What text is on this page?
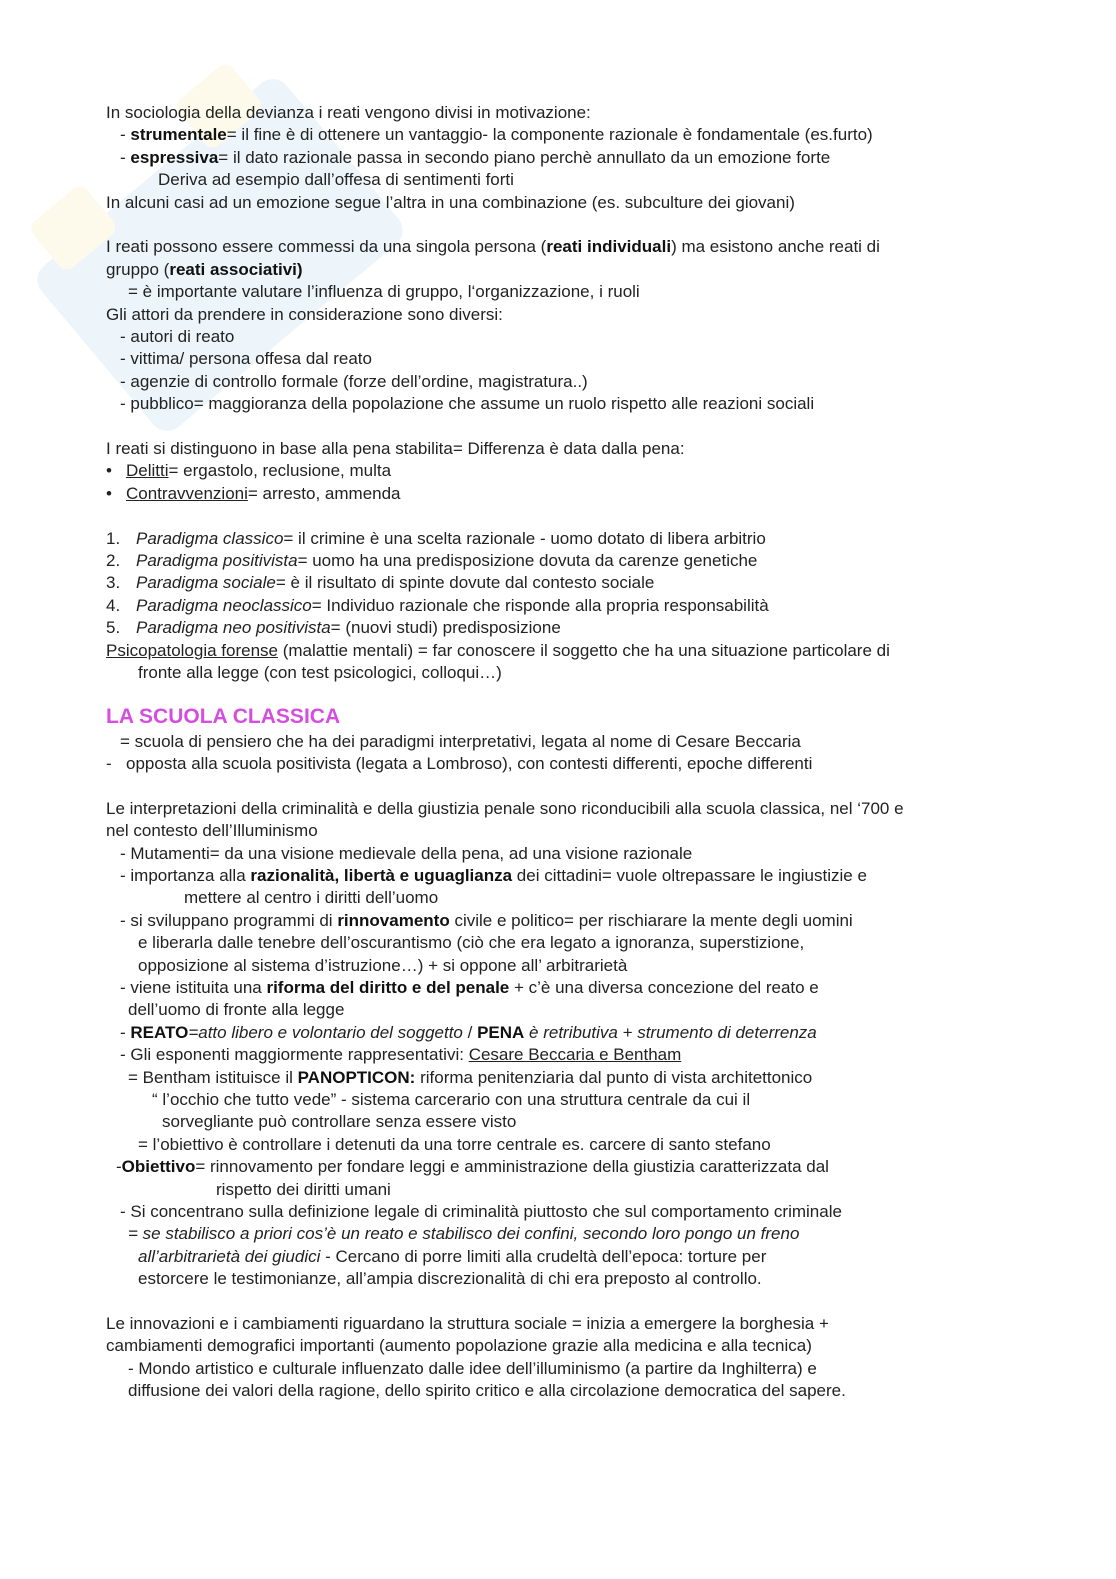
In sociologia della devianza i reati vengono divisi in motivazione:
- strumentale= il fine è di ottenere un vantaggio- la componente razionale è fondamentale (es.furto)
- espressiva= il dato razionale passa in secondo piano perchè annullato da un emozione forte
Deriva ad esempio dall’offesa di sentimenti forti
In alcuni casi ad un emozione segue l’altra in una combinazione (es. subculture dei giovani)
I reati possono essere commessi da una singola persona (reati individuali) ma esistono anche reati di
gruppo (reati associativi)
= è importante valutare l’influenza di gruppo, l‘organizzazione, i ruoli
Gli attori da prendere in considerazione sono diversi:
- autori di reato
- vittima/ persona offesa dal reato
- agenzie di controllo formale (forze dell’ordine, magistratura..)
- pubblico= maggioranza della popolazione che assume un ruolo rispetto alle reazioni sociali
I reati si distinguono in base alla pena stabilita= Differenza è data dalla pena:
• Delitti= ergastolo, reclusione, multa
• Contravvenzioni= arresto, ammenda
1. Paradigma classico= il crimine è una scelta razionale - uomo dotato di libera arbitrio
2. Paradigma positivista= uomo ha una predisposizione dovuta da carenze genetiche
3. Paradigma sociale= è il risultato di spinte dovute dal contesto sociale
4. Paradigma neoclassico= Individuo razionale che risponde alla propria responsabilità
5. Paradigma neo positivista= (nuovi studi) predisposizione
Psicopatologia forense (malattie mentali) = far conoscere il soggetto che ha una situazione particolare di
fronte alla legge (con test psicologici, colloqui…)
LA SCUOLA CLASSICA
= scuola di pensiero che ha dei paradigmi interpretativi, legata al nome di Cesare Beccaria
- opposta alla scuola positivista (legata a Lombroso), con contesti differenti, epoche differenti
Le interpretazioni della criminalità e della giustizia penale sono riconducibili alla scuola classica, nel ‘700 e
nel contesto dell’Illuminismo
- Mutamenti= da una visione medievale della pena, ad una visione razionale
- importanza alla razionalità, libertà e uguaglianza dei cittadini= vuole oltrepassare le ingiustizie e
mettere al centro i diritti dell’uomo
- si sviluppano programmi di rinnovamento civile e politico= per rischiarare la mente degli uomini
e liberarla dalle tenebre dell’oscurantismo (ciò che era legato a ignoranza, superstizione,
opposizione al sistema d’istruzione…) + si oppone all’ arbitrarietà
- viene istituita una riforma del diritto e del penale + c’è una diversa concezione del reato e
dell’uomo di fronte alla legge
- REATO=atto libero e volontario del soggetto / PENA è retributiva + strumento di deterrenza
- Gli esponenti maggiormente rappresentativi: Cesare Beccaria e Bentham
= Bentham istituisce il PANOPTICON: riforma penitenziaria dal punto di vista architettonico
“ l’occhio che tutto vede” - sistema carcerario con una struttura centrale da cui il
sorvegliante può controllare senza essere visto
= l’obiettivo è controllare i detenuti da una torre centrale es. carcere di santo stefano
-Obiettivo= rinnovamento per fondare leggi e amministrazione della giustizia caratterizzata dal
rispetto dei diritti umani
- Si concentrano sulla definizione legale di criminalità piuttosto che sul comportamento criminale
= se stabilisco a priori cos’è un reato e stabilisco dei confini, secondo loro pongo un freno
all’arbitrarietà dei giudici - Cercano di porre limiti alla crudeltà dell’epoca: torture per
estorcere le testimonianze, all’ampia discrezionalità di chi era preposto al controllo.
Le innovazioni e i cambiamenti riguardano la struttura sociale = inizia a emergere la borghesia +
cambiamenti demografici importanti (aumento popolazione grazie alla medicina e alla tecnica)
- Mondo artistico e culturale influenzato dalle idee dell’illuminismo (a partire da Inghilterra) e
diffusione dei valori della ragione, dello spirito critico e alla circolazione democratica del sapere.
